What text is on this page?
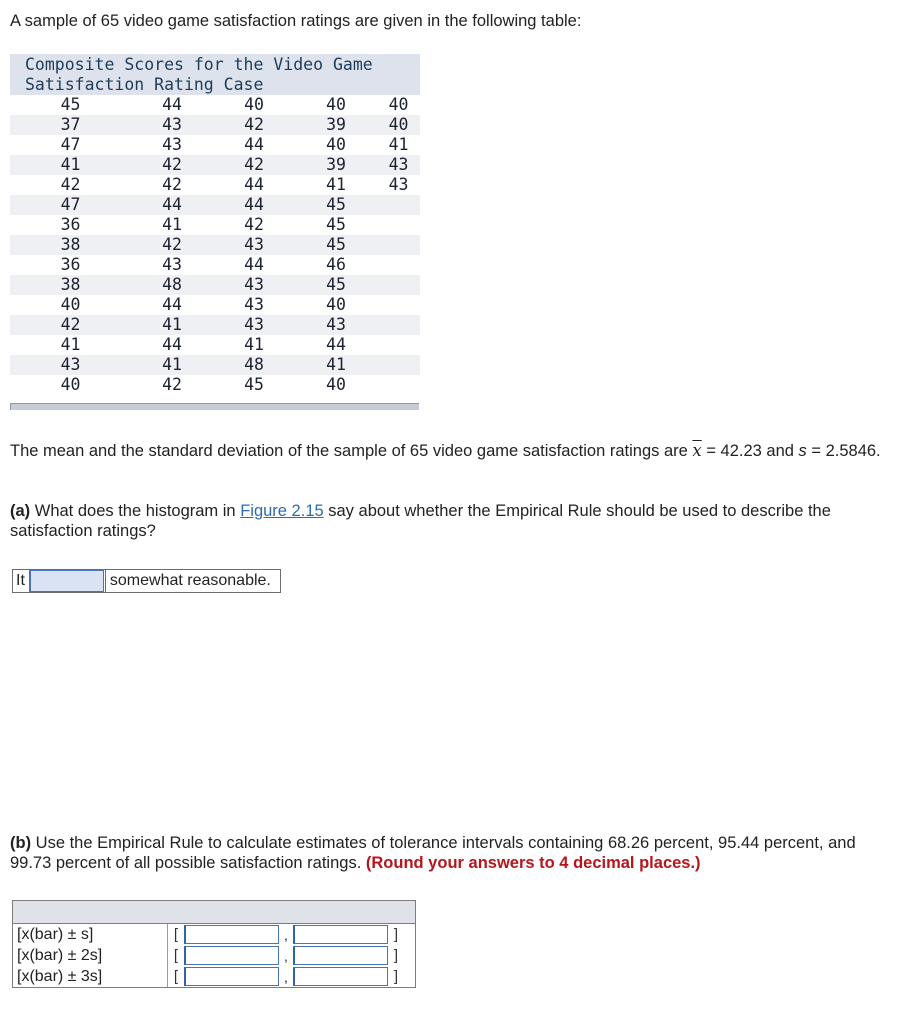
A sample of 65 video game satisfaction ratings are given in the following table:
Composite Scores for the Video Game
Satisfaction Rating Case
45	44	40	40	40
37	43	42	39	40
47	43	44	40	41
41	42	42	39	43
42	42	44	41	43
47	44	44	45	
36	41	42	45	
38	42	43	45	
36	43	44	46	
38	48	43	45	
40	44	43	40	
42	41	43	43	
41	44	41	44	
43	41	48	41	
40	42	45	40	
The mean and the standard deviation of the sample of 65 video game satisfaction ratings are $\overline{x} = 42.23$ and s = 2.5846.
(a) What does the histogram in Figure 2.15 say about whether the Empirical Rule should be used to describe the satisfaction ratings?
It	somewhat reasonable.
(b) Use the Empirical Rule to calculate estimates of tolerance intervals containing 68.26 percent, 95.44 percent, and 99.73 percent of all possible satisfaction ratings. (Round your answers to 4 decimal places.)
[x(bar) ± s]	[	,	]
[x(bar) ± 2s]	[	,	]
[x(bar) ± 3s]	[	,	]
